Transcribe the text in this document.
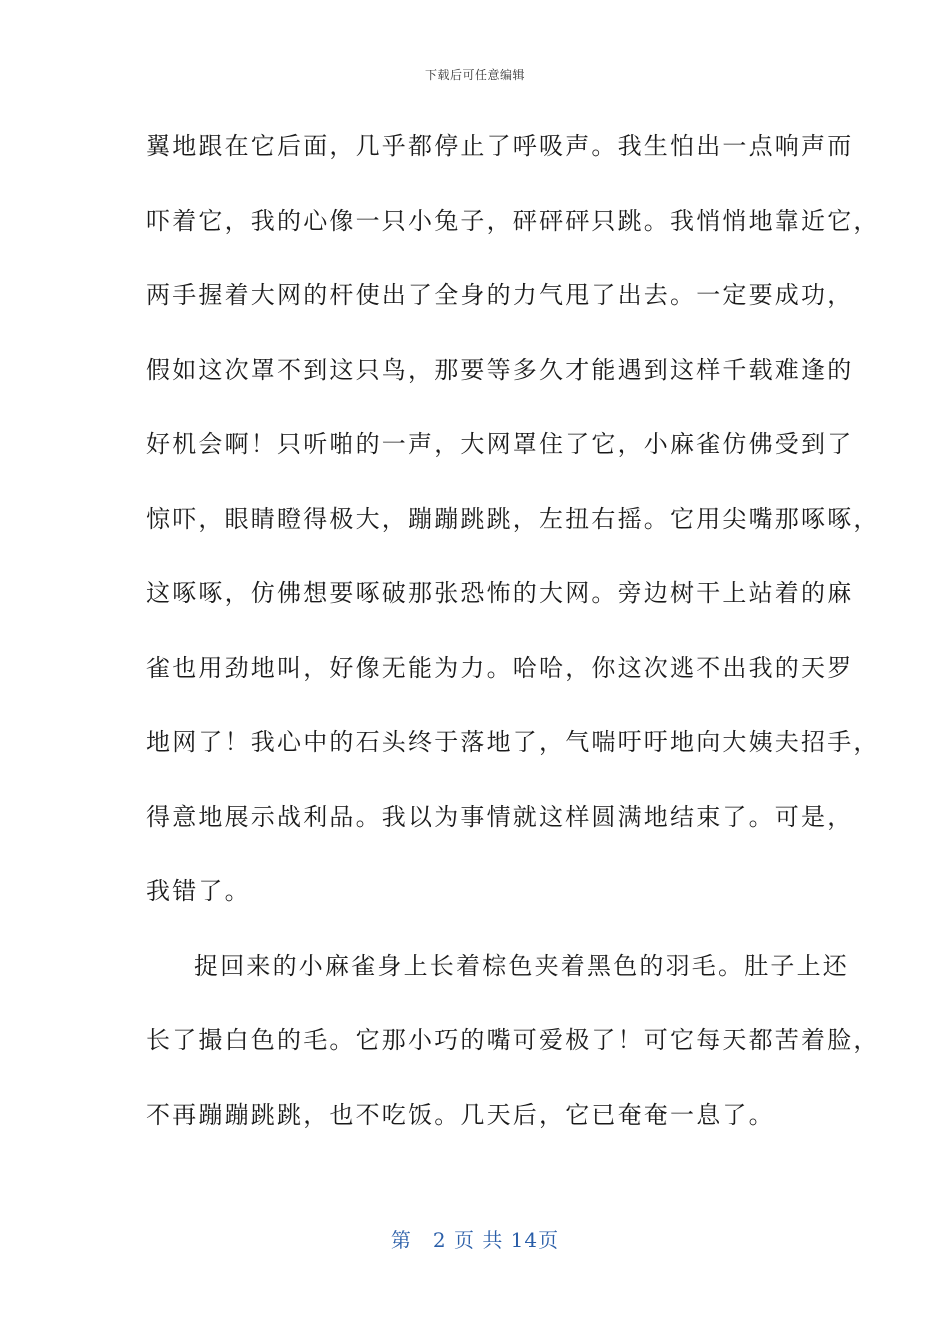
下载后可任意编辑
翼地跟在它后面，几乎都停止了呼吸声。我生怕出一点响声而
吓着它，我的心像一只小兔子，砰砰砰只跳。我悄悄地靠近它，
两手握着大网的杆使出了全身的力气甩了出去。一定要成功，
假如这次罩不到这只鸟，那要等多久才能遇到这样千载难逢的
好机会啊！只听啪的一声，大网罩住了它，小麻雀仿佛受到了
惊吓，眼睛瞪得极大，蹦蹦跳跳，左扭右摇。它用尖嘴那啄啄，
这啄啄，仿佛想要啄破那张恐怖的大网。旁边树干上站着的麻
雀也用劲地叫，好像无能为力。哈哈，你这次逃不出我的天罗
地网了！我心中的石头终于落地了，气喘吁吁地向大姨夫招手，
得意地展示战利品。我以为事情就这样圆满地结束了。可是，
我错了。
捉回来的小麻雀身上长着棕色夹着黑色的羽毛。肚子上还
长了撮白色的毛。它那小巧的嘴可爱极了！可它每天都苦着脸，
不再蹦蹦跳跳，也不吃饭。几天后，它已奄奄一息了。
第　2 页 共 14页
